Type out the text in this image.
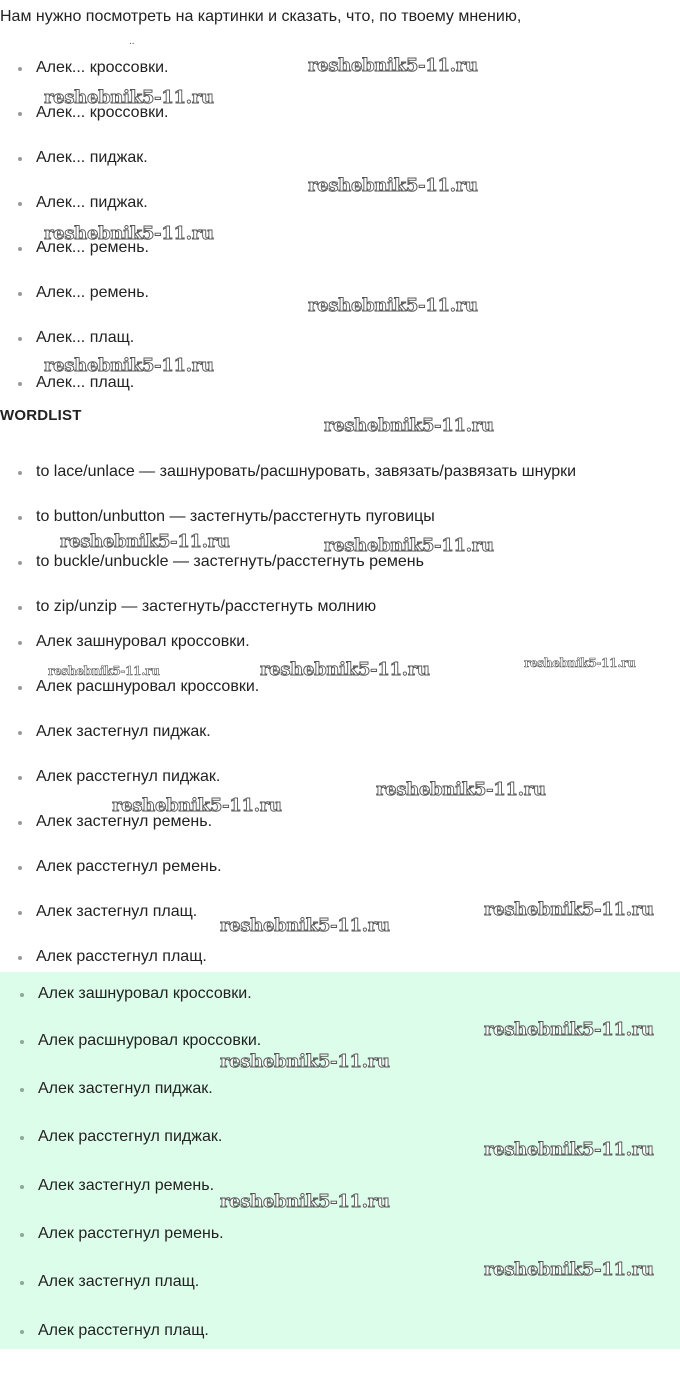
Нам нужно посмотреть на картинки и сказать, что, по твоему мнению,
..
Алек... кроссовки.
Алек... кроссовки.
Алек... пиджак.
Алек... пиджак.
Алек... ремень.
Алек... ремень.
Алек... плащ.
Алек... плащ.
WORDLIST
to lace/unlace — зашнуровать/расшнуровать, завязать/развязать шнурки
to button/unbutton — застегнуть/расстегнуть пуговицы
to buckle/unbuckle — застегнуть/расстегнуть ремень
to zip/unzip — застегнуть/расстегнуть молнию
Алек зашнуровал кроссовки.
Алек расшнуровал кроссовки.
Алек застегнул пиджак.
Алек расстегнул пиджак.
Алек застегнул ремень.
Алек расстегнул ремень.
Алек застегнул плащ.
Алек расстегнул плащ.
Алек зашнуровал кроссовки.
Алек расшнуровал кроссовки.
Алек застегнул пиджак.
Алек расстегнул пиджак.
Алек застегнул ремень.
Алек расстегнул ремень.
Алек застегнул плащ.
Алек расстегнул плащ.
reshebnik5-11.ru
reshebnik5-11.ru
reshebnik5-11.ru
reshebnik5-11.ru
reshebnik5-11.ru
reshebnik5-11.ru
reshebnik5-11.ru
reshebnik5-11.ru	reshebnik5-11.ru
reshebnik5-11.ru	reshebnik5-11.ru	reshebnik5-11.ru
reshebnik5-11.ru
reshebnik5-11.ru
reshebnik5-11.ru
reshebnik5-11.ru
reshebnik5-11.ru
reshebnik5-11.ru
reshebnik5-11.ru
reshebnik5-11.ru
reshebnik5-11.ru
